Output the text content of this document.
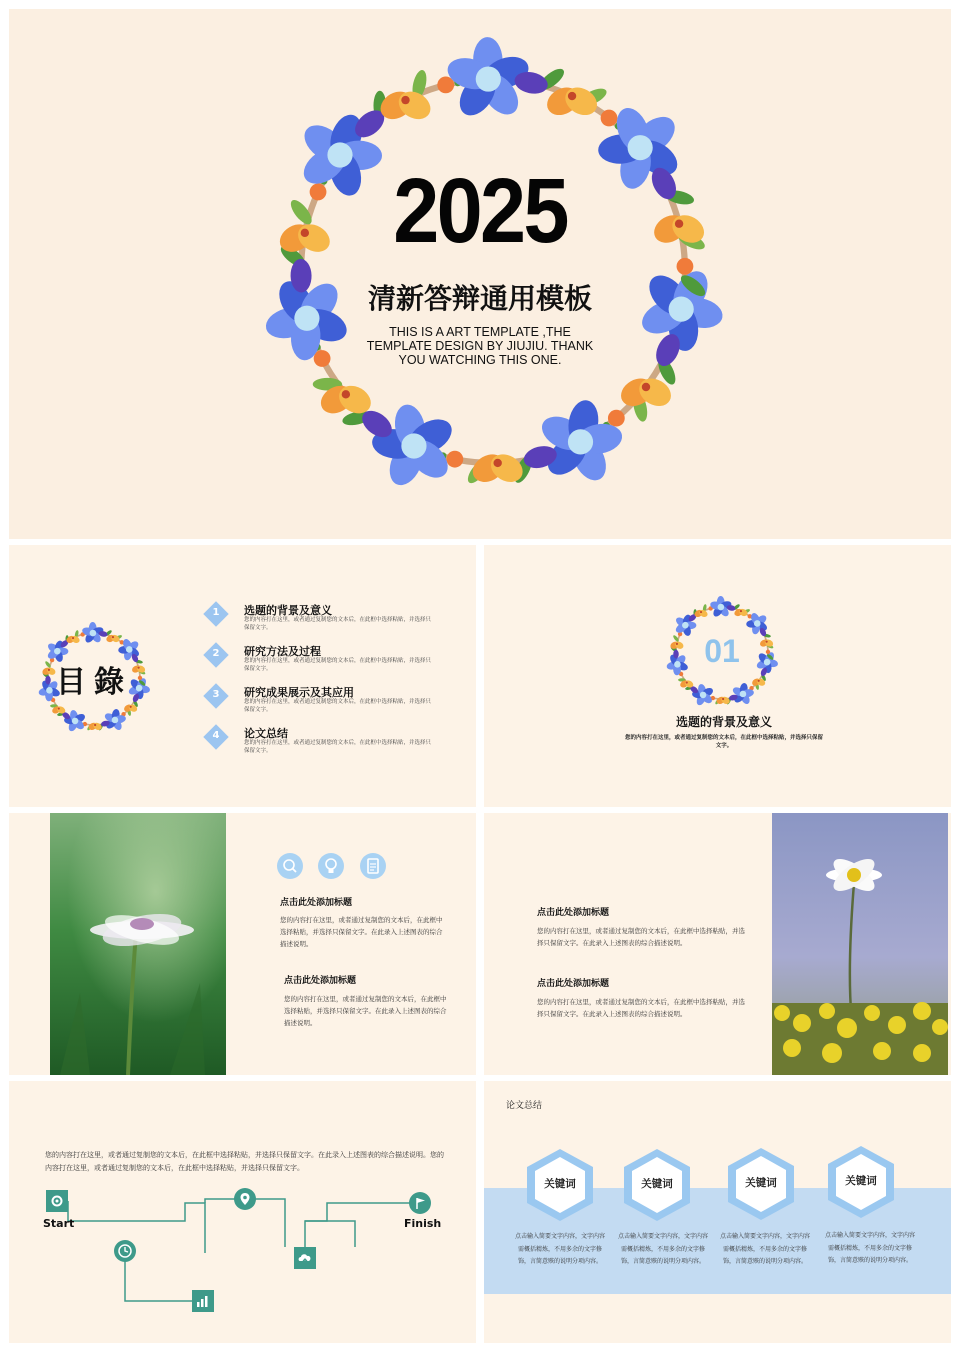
2025
清新答辩通用模板
THIS IS A ART TEMPLATE ,THE TEMPLATE DESIGN BY JIUJIU. THANK YOU WATCHING THIS ONE.
目錄
1	选题的背景及意义
您的内容打在这里，或者通过复制您的文本后，在此框中选择粘贴，并选择只保留文字。
2	研究方法及过程
您的内容打在这里，或者通过复制您的文本后，在此框中选择粘贴，并选择只保留文字。
3	研究成果展示及其应用
您的内容打在这里，或者通过复制您的文本后，在此框中选择粘贴，并选择只保留文字。
4	论文总结
您的内容打在这里，或者通过复制您的文本后，在此框中选择粘贴，并选择只保留文字。
01
选题的背景及意义
您的内容打在这里，或者通过复制您的文本后，在此框中选择粘贴，并选择只保留文字。
点击此处添加标题
您的内容打在这里，或者通过复制您的文本后，在此框中选择粘贴，并选择只保留文字。在此录入上述图表的综合描述说明。
点击此处添加标题
您的内容打在这里，或者通过复制您的文本后，在此框中选择粘贴，并选择只保留文字。在此录入上述图表的综合描述说明。
点击此处添加标题
您的内容打在这里，或者通过复制您的文本后，在此框中选择粘贴，并选择只保留文字。在此录入上述图表的综合描述说明。
点击此处添加标题
您的内容打在这里，或者通过复制您的文本后，在此框中选择粘贴，并选择只保留文字。在此录入上述图表的综合描述说明。
您的内容打在这里，或者通过复制您的文本后，在此框中选择粘贴，并选择只保留文字。在此录入上述图表的综合描述说明。您的内容打在这里，或者通过复制您的文本后，在此框中选择粘贴，并选择只保留文字。
Start	Finish
论文总结
关键词	关键词	关键词	关键词
点击输入简要文字内容，文字内容需概括精炼，不用多余的文字修饰，言简意赅的说明分项内容。
点击输入简要文字内容，文字内容需概括精炼，不用多余的文字修饰，言简意赅的说明分项内容。
点击输入简要文字内容，文字内容需概括精炼，不用多余的文字修饰，言简意赅的说明分项内容。
点击输入简要文字内容，文字内容需概括精炼，不用多余的文字修饰，言简意赅的说明分项内容。
